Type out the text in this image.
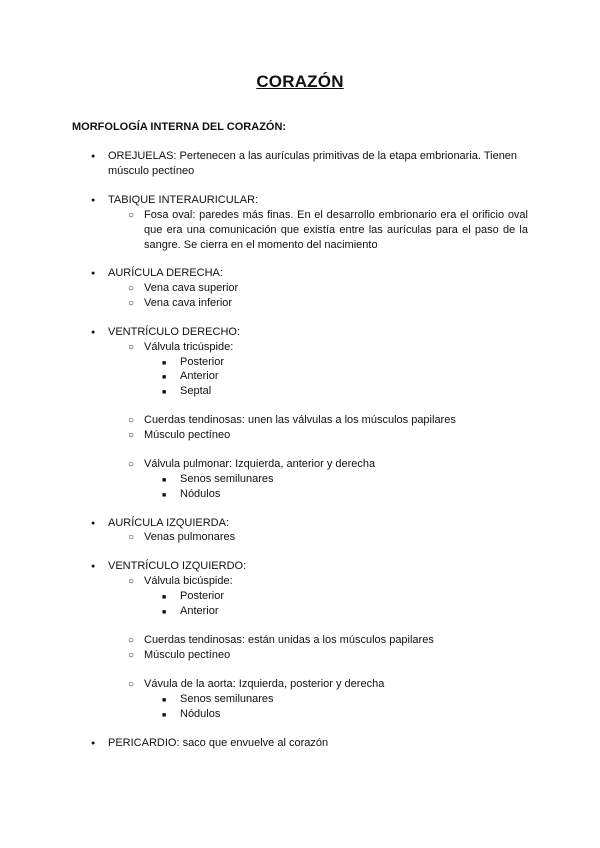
CORAZÓN
MORFOLOGÍA INTERNA DEL CORAZÓN:
● OREJUELAS: Pertenecen a las aurículas primitivas de la etapa embrionaria. Tienen
músculo pectíneo
● TABIQUE INTERAURICULAR:
○ Fosa oval: paredes más finas. En el desarrollo embrionario era el orificio oval que era una comunicación que existía entre las aurículas para el paso de la sangre. Se cierra en el momento del nacimiento
● AURÍCULA DERECHA:
○ Vena cava superior
○ Vena cava inferior
● VENTRÍCULO DERECHO:
○ Válvula tricúspide:
■ Posterior
■ Anterior
■ Septal
○ Cuerdas tendinosas: unen las válvulas a los músculos papilares
○ Músculo pectíneo
○ Válvula pulmonar: Izquierda, anterior y derecha
■ Senos semilunares
■ Nódulos
● AURÍCULA IZQUIERDA:
○ Venas pulmonares
● VENTRÍCULO IZQUIERDO:
○ Válvula bicúspide:
■ Posterior
■ Anterior
○ Cuerdas tendinosas: están unidas a los músculos papilares
○ Músculo pectíneo
○ Vávula de la aorta: Izquierda, posterior y derecha
■ Senos semilunares
■ Nódulos
● PERICARDIO: saco que envuelve al corazón
